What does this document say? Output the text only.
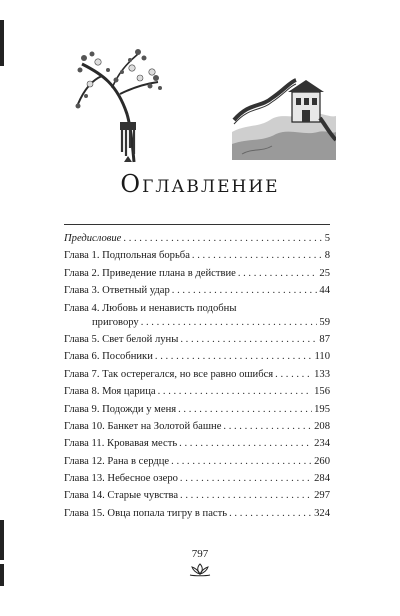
Оглавление
Предисловие . . .	5
Глава 1. Подпольная борьба . . .	8
Глава 2. Приведение плана в действие . . .	25
Глава 3. Ответный удар . . .	44
Глава 4. Любовь и ненависть подобны
приговору . . .	59
Глава 5. Свет белой луны . . .	87
Глава 6. Пособники . . .	110
Глава 7. Так остерегался, но все равно ошибся . . .	133
Глава 8. Моя царица . . .	156
Глава 9. Подожди у меня . . .	195
Глава 10. Банкет на Золотой башне . . .	208
Глава 11. Кровавая месть . . .	234
Глава 12. Рана в сердце . . .	260
Глава 13. Небесное озеро . . .	284
Глава 14. Старые чувства . . .	297
Глава 15. Овца попала тигру в пасть . . .	324
797
